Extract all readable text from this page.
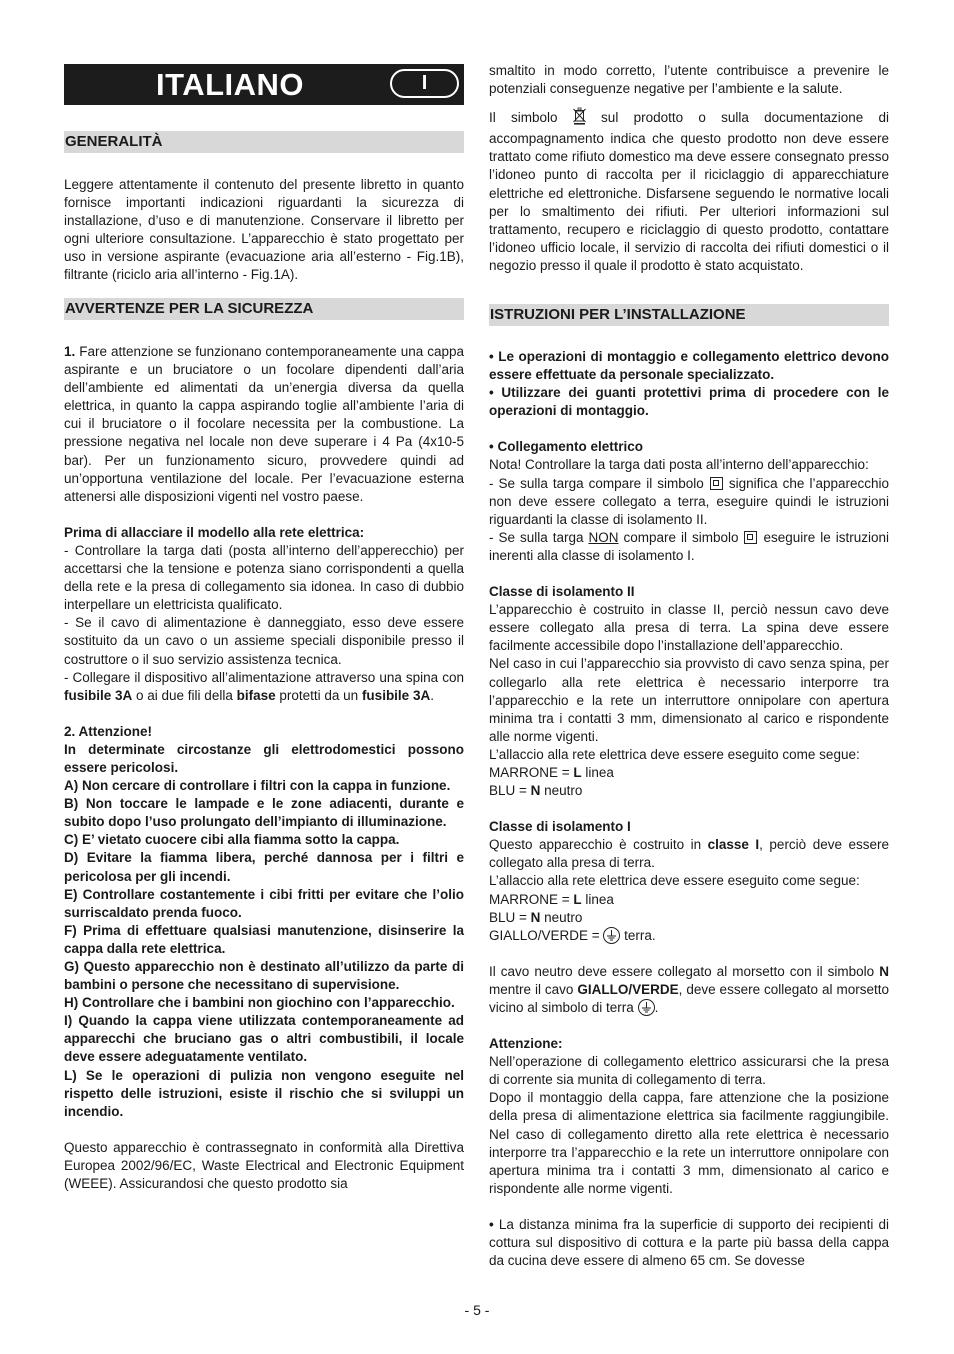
ITALIANO	I
GENERALITÀ

Leggere attentamente il contenuto del presente libretto in quanto fornisce importanti indicazioni riguardanti la sicurezza di installazione, d’uso e di manutenzione. Conservare il libretto per ogni ulteriore consultazione. L’apparecchio è stato progettato per uso in versione aspirante (evacuazione aria all’esterno - Fig.1B), filtrante (riciclo aria all’interno - Fig.1A).

AVVERTENZE PER LA SICUREZZA

1. Fare attenzione se funzionano contemporaneamente una cappa aspirante e un bruciatore o un focolare dipendenti dall’aria dell’ambiente ed alimentati da un’energia diversa da quella elettrica, in quanto la cappa aspirando toglie all’ambiente l’aria di cui il bruciatore o il focolare necessita per la combustione. La pressione negativa nel locale non deve superare i 4 Pa (4x10-5 bar). Per un funzionamento sicuro, provvedere quindi ad un’opportuna ventilazione del locale. Per l’evacuazione esterna attenersi alle disposizioni vigenti nel vostro paese.

Prima di allacciare il modello alla rete elettrica:

- Controllare la targa dati (posta all’interno dell’apperecchio) per accettarsi che la tensione e potenza siano corrispondenti a quella della rete e la presa di collegamento sia idonea. In caso di dubbio interpellare un elettricista qualificato.

- Se il cavo di alimentazione è danneggiato, esso deve essere sostituito da un cavo o un assieme speciali disponibile presso il costruttore o il suo servizio assistenza tecnica.

- Collegare il dispositivo all’alimentazione attraverso una spina con fusibile 3A o ai due fili della bifase protetti da un fusibile 3A.

2. Attenzione!

In determinate circostanze gli elettrodomestici possono essere pericolosi.

A) Non cercare di controllare i filtri con la cappa in funzione.

B) Non toccare le lampade e le zone adiacenti, durante e subito dopo l’uso prolungato dell’impianto di illuminazione.

C) E’ vietato cuocere cibi alla fiamma sotto la cappa.

D) Evitare la fiamma libera, perché dannosa per i filtri e pericolosa per gli incendi.

E) Controllare costantemente i cibi fritti per evitare che l’olio surriscaldato prenda fuoco.

F) Prima di effettuare qualsiasi manutenzione, disinserire la cappa dalla rete elettrica.

G) Questo apparecchio non è destinato all’utilizzo da parte di bambini o persone che necessitano di supervisione.

H) Controllare che i bambini non giochino con l’apparecchio.

I) Quando la cappa viene utilizzata contemporaneamente ad apparecchi che bruciano gas o altri combustibili, il locale deve essere adeguatamente ventilato.

L) Se le operazioni di pulizia non vengono eseguite nel rispetto delle istruzioni, esiste il rischio che si sviluppi un incendio.

Questo apparecchio è contrassegnato in conformità alla Direttiva Europea 2002/96/EC, Waste Electrical and Electronic Equipment (WEEE). Assicurandosi che questo prodotto sia

smaltito in modo corretto, l’utente contribuisce a prevenire le potenziali conseguenze negative per l’ambiente e la salute.

Il simbolo  sul prodotto o sulla documentazione di accompagnamento indica che questo prodotto non deve essere trattato come rifiuto domestico ma deve essere consegnato presso l’idoneo punto di raccolta per il riciclaggio di apparecchiature elettriche ed elettroniche. Disfarsene seguendo le normative locali per lo smaltimento dei rifiuti. Per ulteriori informazioni sul trattamento, recupero e riciclaggio di questo prodotto, contattare l’idoneo ufficio locale, il servizio di raccolta dei rifiuti domestici o il negozio presso il quale il prodotto è stato acquistato.

ISTRUZIONI PER L’INSTALLAZIONE

• Le operazioni di montaggio e collegamento elettrico devono essere effettuate da personale specializzato.

• Utilizzare dei guanti protettivi prima di procedere con le operazioni di montaggio.

• Collegamento elettrico

Nota! Controllare la targa dati posta all’interno dell’apparecchio:

- Se sulla targa compare il simbolo  significa che l’apparecchio non deve essere collegato a terra, eseguire quindi le istruzioni riguardanti la classe di isolamento II.

- Se sulla targa NON compare il simbolo  eseguire le istruzioni inerenti alla classe di isolamento I.

Classe di isolamento II

L’apparecchio è costruito in classe II, perciò nessun cavo deve essere collegato alla presa di terra. La spina deve essere facilmente accessibile dopo l’installazione dell’apparecchio.

Nel caso in cui l’apparecchio sia provvisto di cavo senza spina, per collegarlo alla rete elettrica è necessario interporre tra l’apparecchio e la rete un interruttore onnipolare con apertura minima tra i contatti 3 mm, dimensionato al carico e rispondente alle norme vigenti.

L’allaccio alla rete elettrica deve essere eseguito come segue:

MARRONE = L linea

BLU = N neutro

Classe di isolamento I

Questo apparecchio è costruito in classe I, perciò deve essere collegato alla presa di terra.

L’allaccio alla rete elettrica deve essere eseguito come segue:

MARRONE = L linea

BLU = N neutro

GIALLO/VERDE =
terra.

Il cavo neutro deve essere collegato al morsetto con il simbolo N mentre il cavo GIALLO/VERDE, deve essere collegato al morsetto vicino al simbolo di terra
.

Attenzione:

Nell’operazione di collegamento elettrico assicurarsi che la presa di corrente sia munita di collegamento di terra.

Dopo il montaggio della cappa, fare attenzione che la posizione della presa di alimentazione elettrica sia facilmente raggiungibile. Nel caso di collegamento diretto alla rete elettrica è necessario interporre tra l’apparecchio e la rete un interruttore onnipolare con apertura minima tra i contatti 3 mm, dimensionato al carico e rispondente alle norme vigenti.

• La distanza minima fra la superficie di supporto dei recipienti di cottura sul dispositivo di cottura e la parte più bassa della cappa da cucina deve essere di almeno 65 cm. Se dovesse

- 5 -
